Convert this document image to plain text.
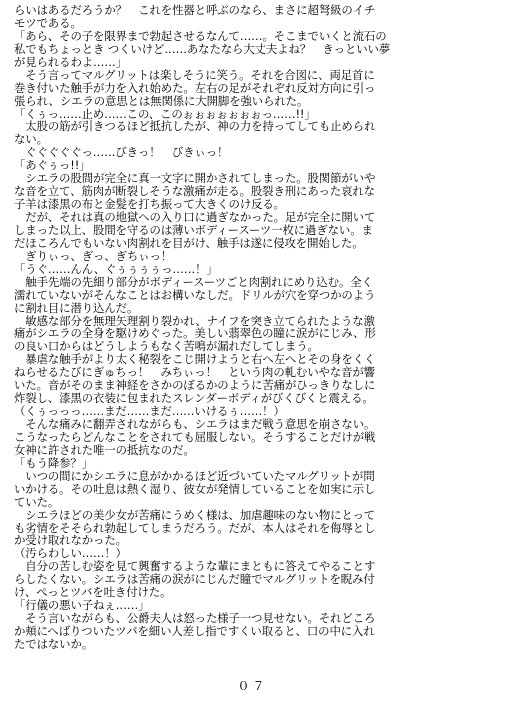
らいはあるだろうか？　これを性器と呼ぶのなら、まさに超弩級のイチ
モツである。
「あら、その子を限界まで勃起させるなんて……。そこまでいくと流石の
私でもちょっとき つくいけど……あなたなら大丈夫よね？　きっといい夢
が見られるわよ……」
　そう言ってマルグリットは楽しそうに笑う。それを合図に、両足首に
巻き付いた触手が力を入れ始めた。左右の足がそれぞれ反対方向に引っ
張られ、シエラの意思とは無関係に大開脚を強いられた。
「くぅっ……止め……この、このぉぉぉぉぉぉぉっ……!!」
　太股の筋が引きつるほど抵抗したが、神の力を持ってしても止められ
ない。
　ぐぐぐぐぐっ……びきっ！　びきぃっ！
「あぐぅっ!!」
　シエラの股間が完全に真一文字に開かされてしまった。股関節がいや
な音を立て、筋肉が断裂しそうな激痛が走る。股裂き刑にあった哀れな
子羊は漆黒の布と金髪を打ち振って大きくのけ反る。
　だが、それは真の地獄への入り口に過ぎなかった。足が完全に開いて
しまった以上、股間を守るのは薄いボディースーツ一枚に過ぎない。ま
だほころんでもいない肉割れを目がけ、触手は遂に侵攻を開始した。
　ぎりぃっ、ぎっ、ぎちぃっ！
「うぐ……んん、ぐぅぅぅぅっ……！」
　触手先端の先細り部分がボディースーツごと肉割れにめり込む。全く
濡れていないがそんなことはお構いなしだ。ドリルが穴を穿つかのよう
に割れ目に潜り込んだ。
　敏感な部分を無理矢理割り裂かれ、ナイフを突き立てられたような激
痛がシエラの全身を駆けめぐった。美しい翡翠色の瞳に涙がにじみ、形
の良い口からはどうしようもなく苦鳴が漏れだしてしまう。
　暴虐な触手がより太く秘裂をこじ開けようと右へ左へとその身をくく
ねらせるたびにぎゅちっ！　みちぃっ！　という肉の軋むいやな音が響
いた。音がそのまま神経をさかのぼるかのように苦痛がひっきりなしに
炸裂し、漆黒の衣装に包まれたスレンダーボディがびくびくと震える。
（くぅっっっ……まだ……まだ……いけるぅ……！）
　そんな痛みに翻弄されながらも、シエラはまだ戦う意思を崩さない。
こうなったらどんなことをされても屈服しない。そうすることだけが戦
女神に許された唯一の抵抗なのだ。
「もう降参？」
　いつの間にかシエラに息がかかるほど近づいていたマルグリットが問
いかける。その吐息は熱く湿り、彼女が発情していることを如実に示し
ていた。
　シエラほどの美少女が苦痛にうめく様は、加虐趣味のない物にとって
も劣情をそそられ勃起してしまうだろう。だが、本人はそれを侮辱とし
か受け取れなかった。
（汚らわしい……！）
　自分の苦しむ姿を見て興奮するような輩にまともに答えてやることす
らしたくない。シエラは苦痛の涙がにじんだ瞳でマルグリットを睨み付
け、ぺっとツバを吐き付けた。
「行儀の悪い子ねぇ……」
　そう言いながらも、公爵夫人は怒った様子一つ見せない。それどころ
か頬にへばりついたツバを細い人差し指ですくい取ると、口の中に入れ
たではないか。
０７
